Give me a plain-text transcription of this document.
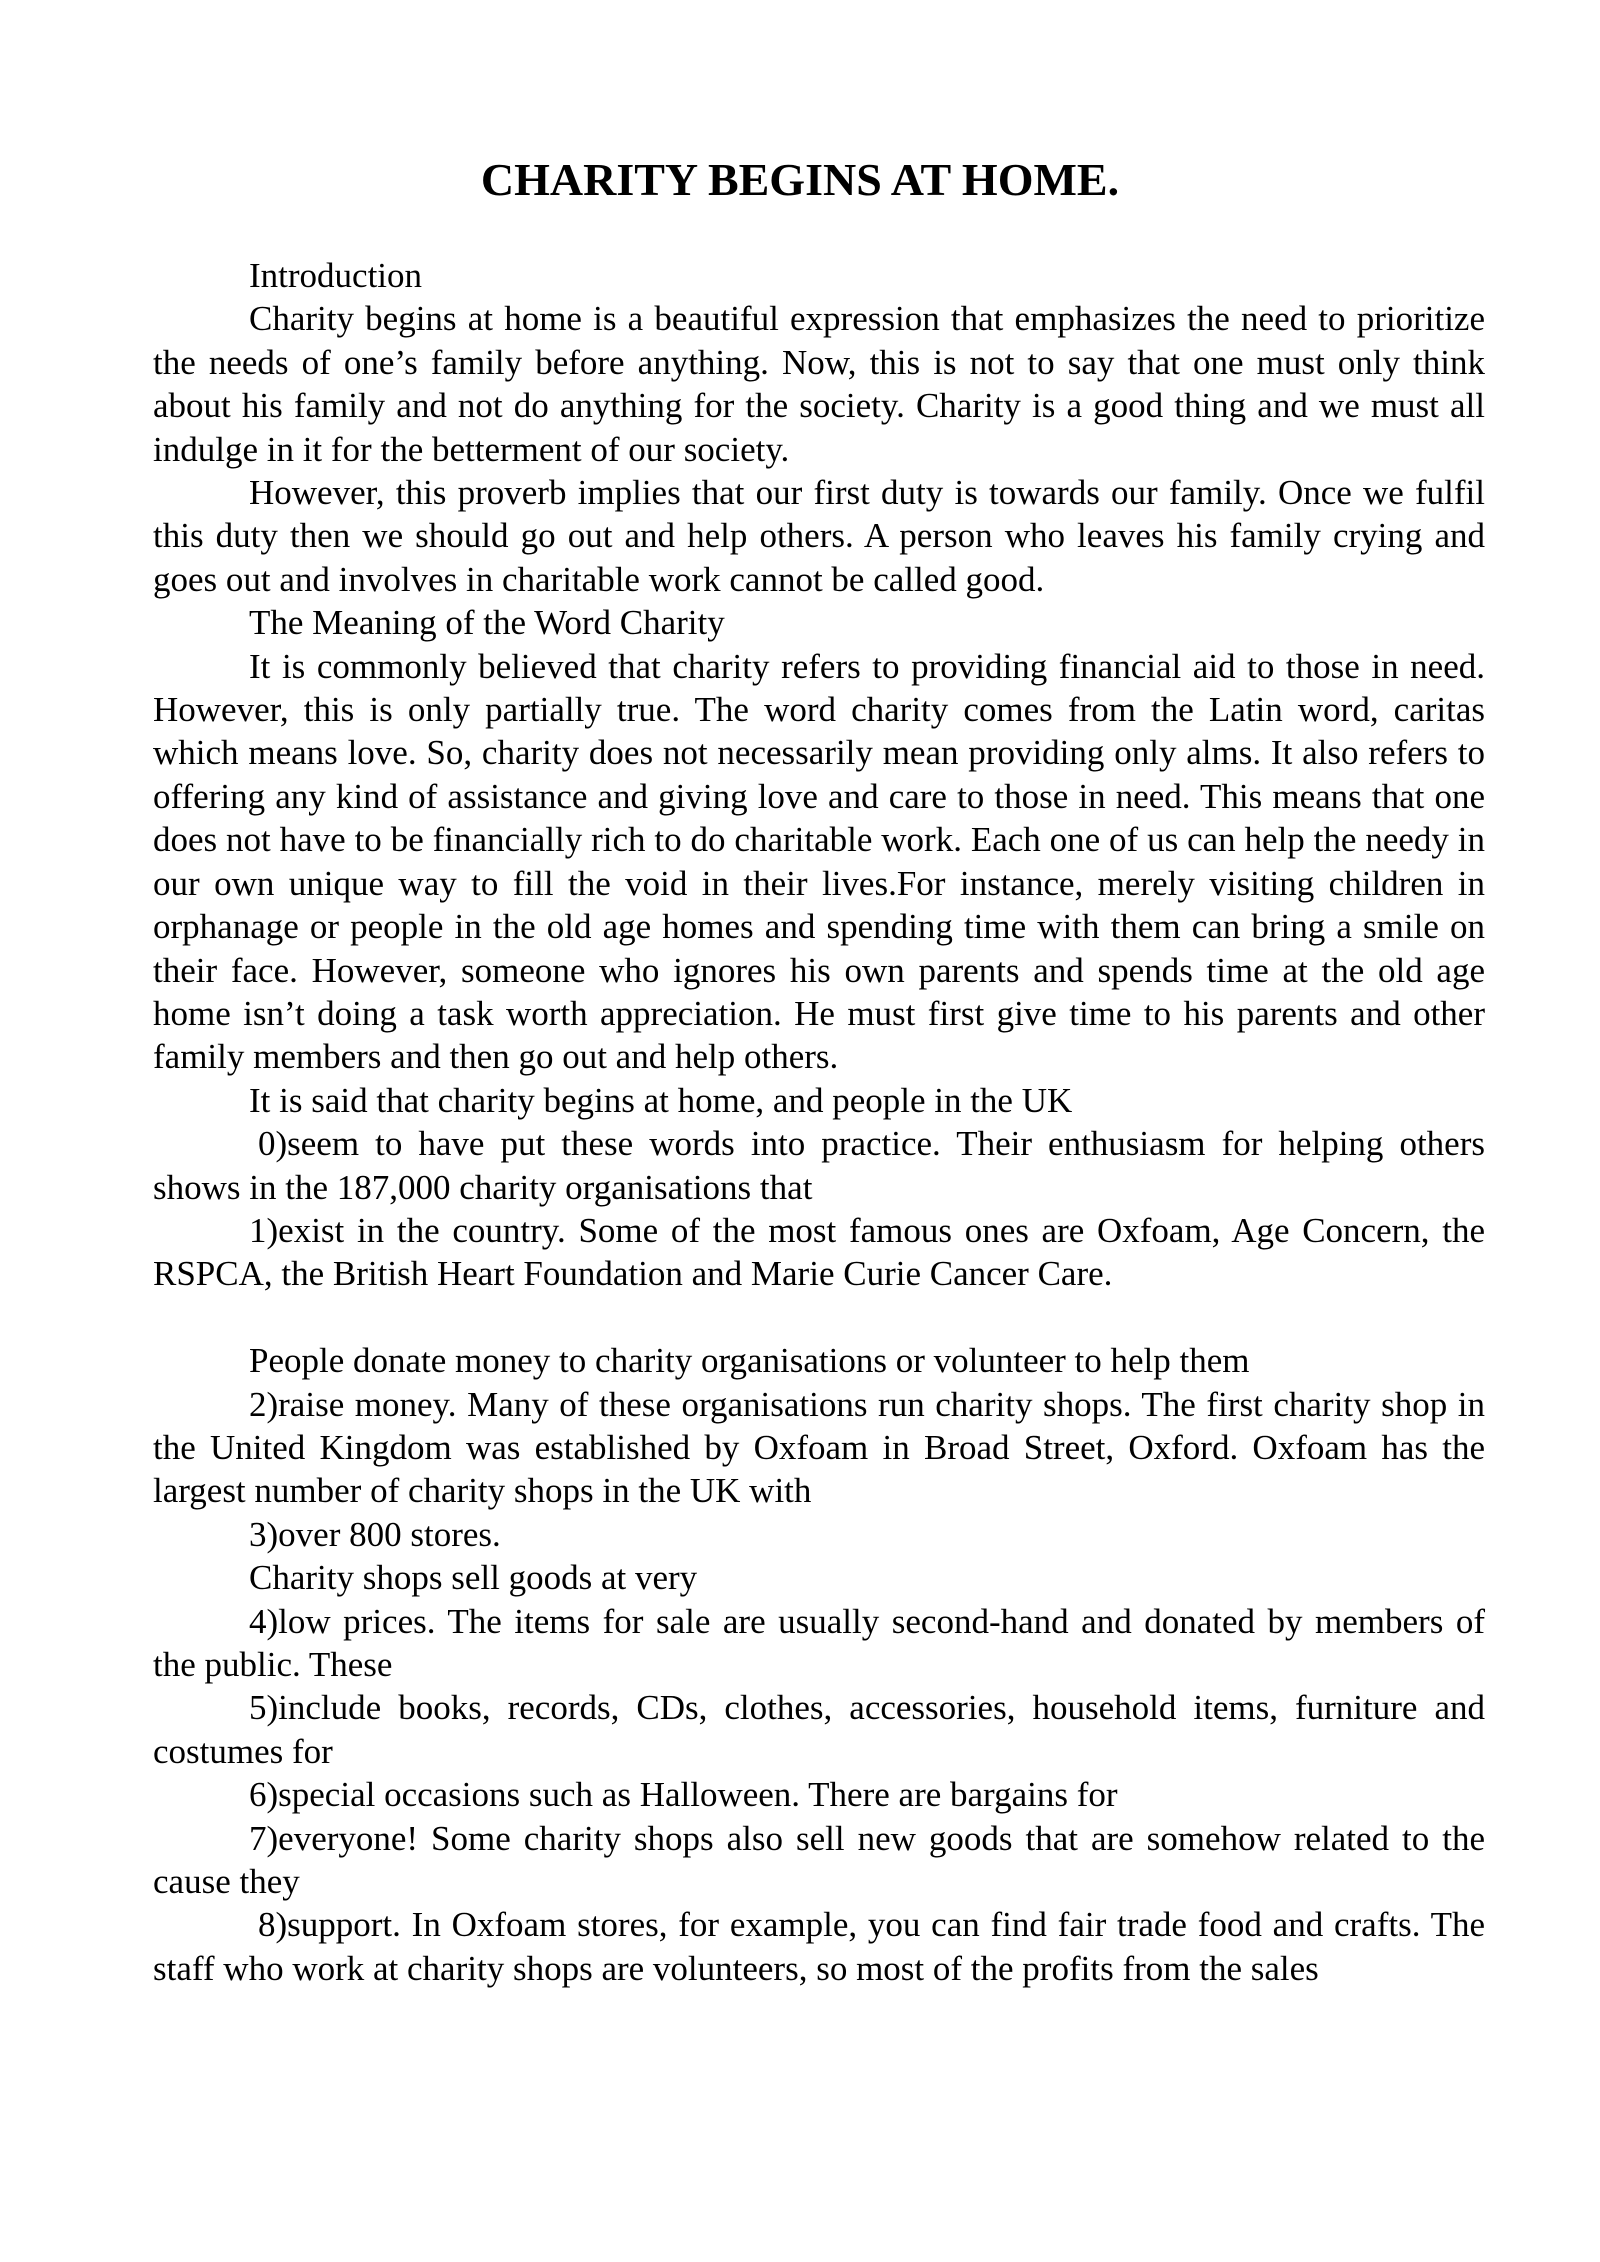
CHARITY BEGINS AT HOME.

Introduction

Charity begins at home is a beautiful expression that emphasizes the need to prioritize the needs of one’s family before anything. Now, this is not to say that one must only think about his family and not do anything for the society. Charity is a good thing and we must all indulge in it for the betterment of our society.

However, this proverb implies that our first duty is towards our family. Once we fulfil this duty then we should go out and help others. A person who leaves his family crying and goes out and involves in charitable work cannot be called good.

The Meaning of the Word Charity

It is commonly believed that charity refers to providing financial aid to those in need. However, this is only partially true. The word charity comes from the Latin word, caritas which means love. So, charity does not necessarily mean providing only alms. It also refers to offering any kind of assistance and giving love and care to those in need. This means that one does not have to be financially rich to do charitable work. Each one of us can help the needy in our own unique way to fill the void in their lives.For instance, merely visiting children in orphanage or people in the old age homes and spending time with them can bring a smile on their face. However, someone who ignores his own parents and spends time at the old age home isn’t doing a task worth appreciation. He must first give time to his parents and other family members and then go out and help others.

It is said that charity begins at home, and people in the UK

0)seem to have put these words into practice. Their enthusiasm for helping others shows in the 187,000 charity organisations that

1)exist in the country. Some of the most famous ones are Oxfoam, Age Concern, the RSPCA, the British Heart Foundation and Marie Curie Cancer Care.

People donate money to charity organisations or volunteer to help them

2)raise money. Many of these organisations run charity shops. The first charity shop in the United Kingdom was established by Oxfoam in Broad Street, Oxford. Oxfoam has the largest number of charity shops in the UK with

3)over 800 stores.

Charity shops sell goods at very

4)low prices. The items for sale are usually second-hand and donated by members of the public. These

5)include books, records, CDs, clothes, accessories, household items, furniture and costumes for

6)special occasions such as Halloween. There are bargains for

7)everyone! Some charity shops also sell new goods that are somehow related to the cause they

8)support. In Oxfoam stores, for example, you can find fair trade food and crafts. The staff who work at charity shops are volunteers, so most of the profits from the sales
